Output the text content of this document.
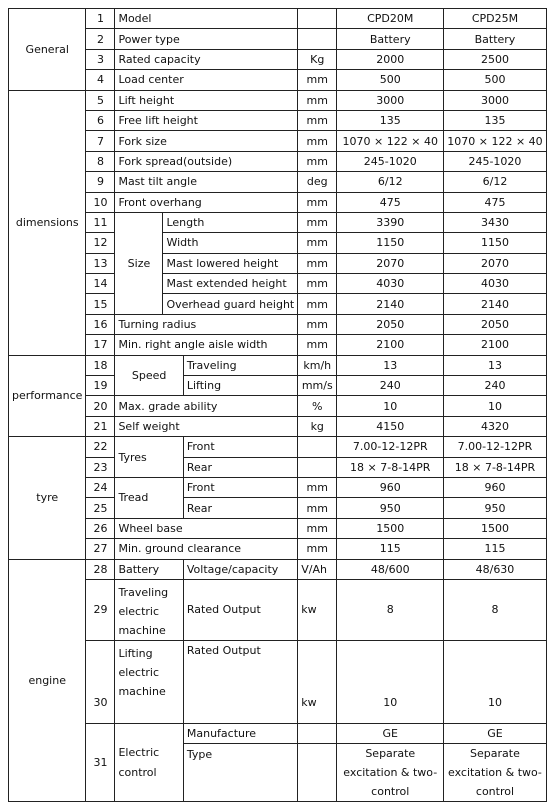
General	1	Model				CPD20M	CPD25M
	2	Power type				Battery	Battery
	3	Rated capacity			Kg	2000	2500
	4	Load center			mm	500	500
dimensions	5	Lift height			mm	3000	3000
	6	Free lift height			mm	135	135
	7	Fork size			mm	1070 × 122 × 40	1070 × 122 × 40
	8	Fork spread(outside)			mm	245-1020	245-1020
	9	Mast tilt angle			deg	6/12	6/12
	10	Front overhang			mm	475	475
	11	Size	Length		mm	3390	3430
	12		Width		mm	1150	1150
	13		Mast lowered height		mm	2070	2070
	14		Mast extended height		mm	4030	4030
	15		Overhead guard height		mm	2140	2140
	16	Turning radius			mm	2050	2050
	17	Min. right angle aisle width			mm	2100	2100
performance	18	Speed		Traveling	km/h	13	13
	19			Lifting	mm/s	240	240
	20	Max. grade ability			%	10	10
	21	Self weight			kg	4150	4320
tyre	22	Tyres		Front		7.00-12-12PR	7.00-12-12PR
	23			Rear		18 × 7-8-14PR	18 × 7-8-14PR
	24	Tread		Front	mm	960	960
	25			Rear	mm	950	950
	26	Wheel base			mm	1500	1500
	27	Min. ground clearance			mm	115	115
engine	28	Battery		Voltage/capacity	V/Ah	48/600	48/630
	29	Traveling electric machine		Rated Output	kw	8	8
	30	Lifting electric machine		Rated Output	kw	10	10
	31	Electric control		Manufacture		GE	GE
				Type		Separate excitation & two-control	Separate excitation & two-control
